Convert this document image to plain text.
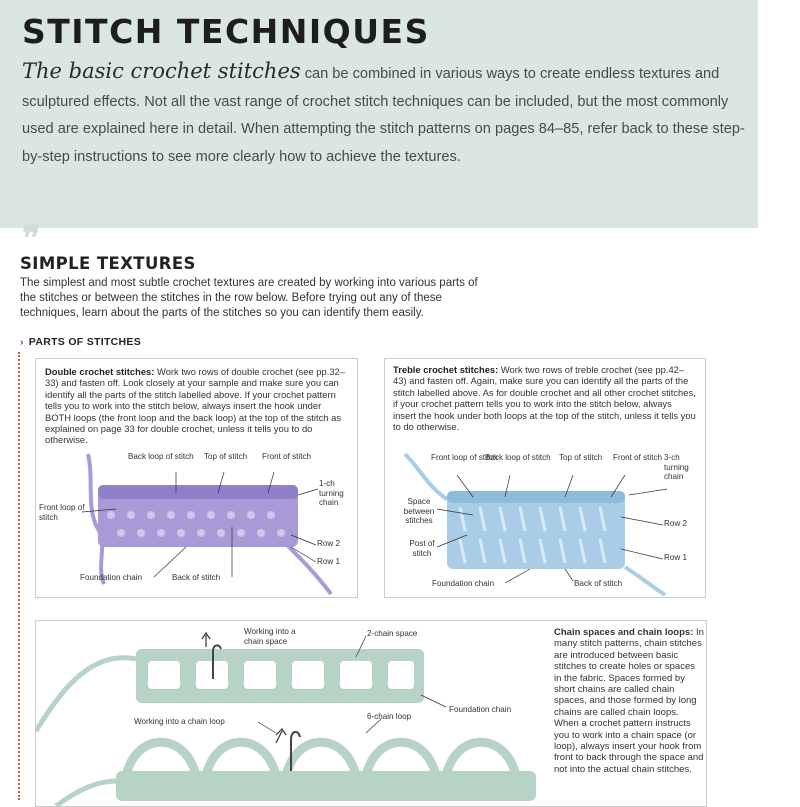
STITCH TECHNIQUES

The basic crochet stitches can be combined in various ways to create endless textures and sculptured effects. Not all the vast range of crochet stitch techniques can be included, but the most commonly used are explained here in detail. When attempting the stitch patterns on pages 84–85, refer back to these step-by-step instructions to see more clearly how to achieve the textures.

❞
SIMPLE TEXTURES

The simplest and most subtle crochet textures are created by working into various parts of the stitches or between the stitches in the row below. Before trying out any of these techniques, learn about the parts of the stitches so you can identify them easily.

› PARTS OF STITCHES

Double crochet stitches: Work two rows of double crochet (see pp.32–33) and fasten off. Look closely at your sample and make sure you can identify all the parts of the stitch labelled above. If your crochet pattern tells you to work into the stitch below, always insert the hook under BOTH loops (the front loop and the back loop) at the top of the stitch as explained on page 33 for double crochet, unless it tells you to do otherwise.

Back loop of stitch Top of stitch Front of stitch
1-ch turning chain
Front loop of stitch
Row 2
Row 1
Foundation chain	Back of stitch

Treble crochet stitches: Work two rows of treble crochet (see pp.42–43) and fasten off. Again, make sure you can identify all the parts of the stitch labelled above. As for double crochet and all other crochet stitches, if your crochet pattern tells you to work into the stitch below, always insert the hook under both loops at the top of the stitch, unless it tells you to do otherwise.

Front loop of stitch
Back loop of stitch Top of stitch Front of stitch 3-ch turning chain
Space between stitches	Row 2
Post of stitch	Row 1
Foundation chain	Back of stitch
Working into a chain space
2-chain space
Foundation chain
Working into a chain loop
6-chain loop

Chain spaces and chain loops: In many stitch patterns, chain stitches are introduced between basic stitches to create holes or spaces in the fabric. Spaces formed by short chains are called chain spaces, and those formed by long chains are called chain loops. When a crochet pattern instructs you to work into a chain space (or loop), always insert your hook from front to back through the space and not into the actual chain stitches.
